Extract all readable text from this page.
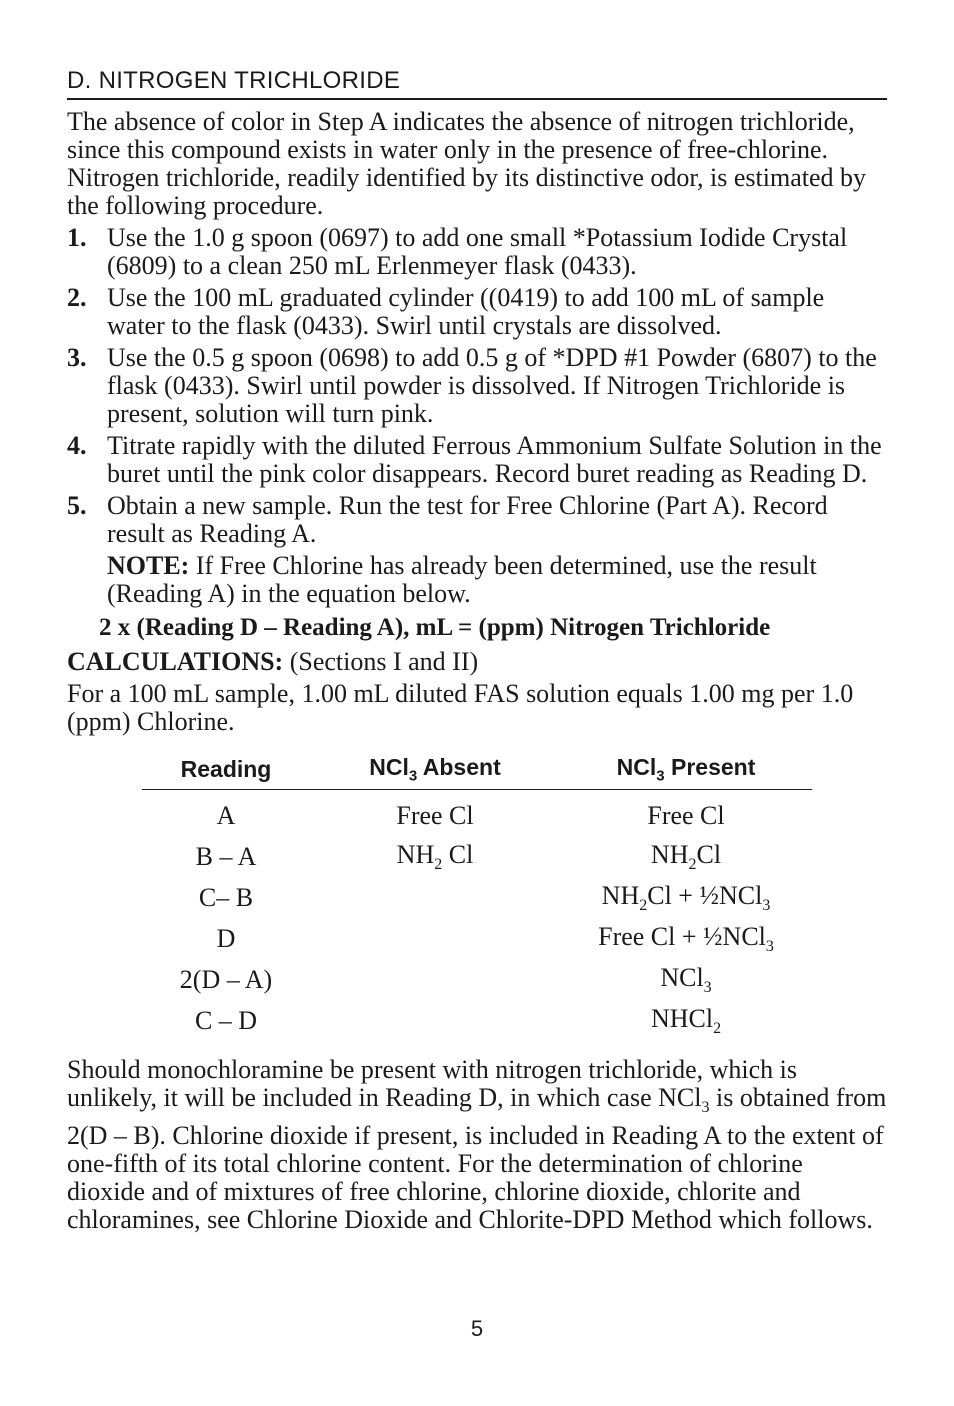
D. NITROGEN TRICHLORIDE

The absence of color in Step A indicates the absence of nitrogen trichloride, since this compound exists in water only in the presence of free-chlorine. Nitrogen trichloride, readily identified by its distinctive odor, is estimated by the following procedure.

1. Use the 1.0 g spoon (0697) to add one small *Potassium Iodide Crystal (6809) to a clean 250 mL Erlenmeyer flask (0433).
2. Use the 100 mL graduated cylinder ((0419) to add 100 mL of sample water to the flask (0433). Swirl until crystals are dissolved.
3. Use the 0.5 g spoon (0698) to add 0.5 g of *DPD #1 Powder (6807) to the flask (0433). Swirl until powder is dissolved. If Nitrogen Trichloride is present, solution will turn pink.
4. Titrate rapidly with the diluted Ferrous Ammonium Sulfate Solution in the buret until the pink color disappears. Record buret reading as Reading D.
5. Obtain a new sample. Run the test for Free Chlorine (Part A). Record result as Reading A.
NOTE: If Free Chlorine has already been determined, use the result (Reading A) in the equation below.
2 x (Reading D – Reading A), mL = (ppm) Nitrogen Trichloride
CALCULATIONS: (Sections I and II)

For a 100 mL sample, 1.00 mL diluted FAS solution equals 1.00 mg per 1.0 (ppm) Chlorine.

Reading	NCl$_3$ Absent	NCl$_3$ Present
A	Free Cl	Free Cl
B – A	$NH_2$ Cl	$NH_2Cl$
C– B		$NH_2Cl$ + ½NCl$_3$
D		Free Cl + ½NCl$_3$
2(D – A)		NCl$_3$
C – D		NHCl$_2$

Should monochloramine be present with nitrogen trichloride, which is unlikely, it will be included in Reading D, in which case NCl$_3$ is obtained from 2(D – B). Chlorine dioxide if present, is included in Reading A to the extent of one-fifth of its total chlorine content. For the determination of chlorine dioxide and of mixtures of free chlorine, chlorine dioxide, chlorite and chloramines, see Chlorine Dioxide and Chlorite-DPD Method which follows.

5
